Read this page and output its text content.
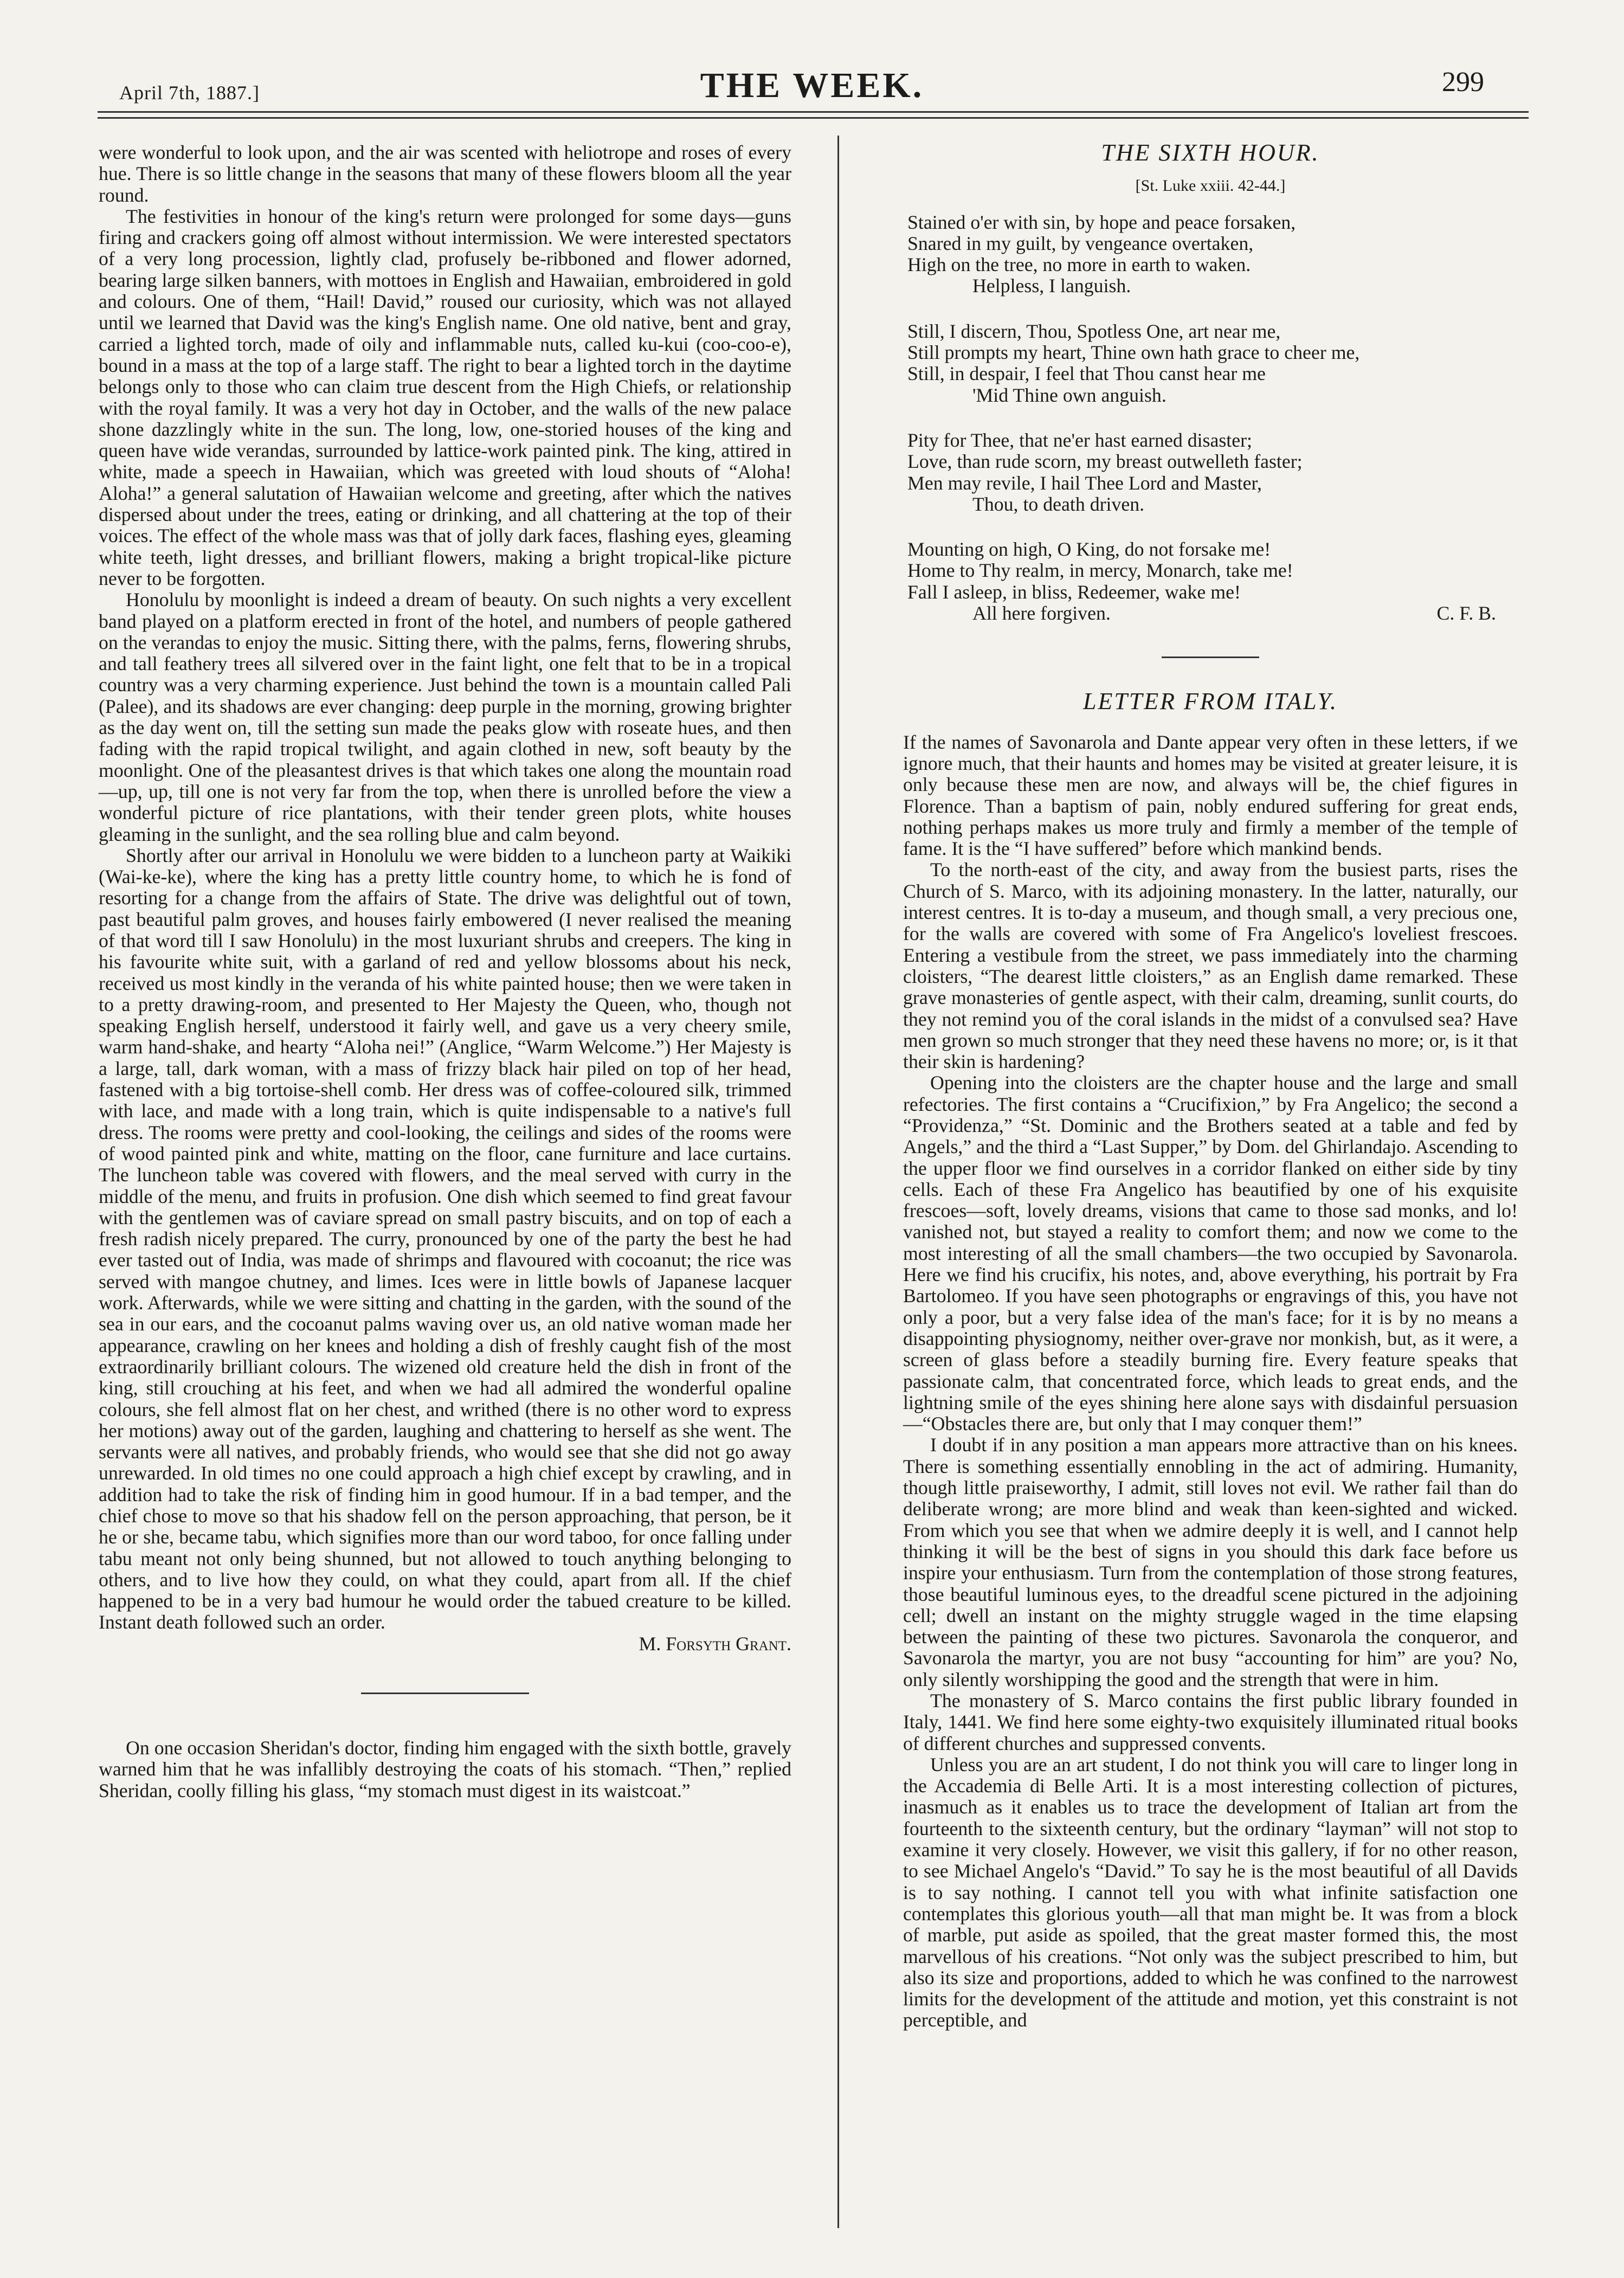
April 7th, 1887.]	THE WEEK.	299

were wonderful to look upon, and the air was scented with heliotrope and roses of every hue. There is so little change in the seasons that many of these flowers bloom all the year round.

The festivities in honour of the king's return were prolonged for some days—guns firing and crackers going off almost without intermission. We were interested spectators of a very long procession, lightly clad, profusely be-ribboned and flower adorned, bearing large silken banners, with mottoes in English and Hawaiian, embroidered in gold and colours. One of them, “Hail! David,” roused our curiosity, which was not allayed until we learned that David was the king's English name. One old native, bent and gray, carried a lighted torch, made of oily and inflammable nuts, called ku-kui (coo-coo-e), bound in a mass at the top of a large staff. The right to bear a lighted torch in the daytime belongs only to those who can claim true descent from the High Chiefs, or relationship with the royal family. It was a very hot day in October, and the walls of the new palace shone dazzlingly white in the sun. The long, low, one-storied houses of the king and queen have wide verandas, surrounded by lattice-work painted pink. The king, attired in white, made a speech in Hawaiian, which was greeted with loud shouts of “Aloha! Aloha!” a general salutation of Hawaiian welcome and greeting, after which the natives dispersed about under the trees, eating or drinking, and all chattering at the top of their voices. The effect of the whole mass was that of jolly dark faces, flashing eyes, gleaming white teeth, light dresses, and brilliant flowers, making a bright tropical-like picture never to be forgotten.

Honolulu by moonlight is indeed a dream of beauty. On such nights a very excellent band played on a platform erected in front of the hotel, and numbers of people gathered on the verandas to enjoy the music. Sitting there, with the palms, ferns, flowering shrubs, and tall feathery trees all silvered over in the faint light, one felt that to be in a tropical country was a very charming experience. Just behind the town is a mountain called Pali (Palee), and its shadows are ever changing: deep purple in the morning, growing brighter as the day went on, till the setting sun made the peaks glow with roseate hues, and then fading with the rapid tropical twilight, and again clothed in new, soft beauty by the moonlight. One of the pleasantest drives is that which takes one along the mountain road—up, up, till one is not very far from the top, when there is unrolled before the view a wonderful picture of rice plantations, with their tender green plots, white houses gleaming in the sunlight, and the sea rolling blue and calm beyond.

Shortly after our arrival in Honolulu we were bidden to a luncheon party at Waikiki (Wai-ke-ke), where the king has a pretty little country home, to which he is fond of resorting for a change from the affairs of State. The drive was delightful out of town, past beautiful palm groves, and houses fairly embowered (I never realised the meaning of that word till I saw Honolulu) in the most luxuriant shrubs and creepers. The king in his favourite white suit, with a garland of red and yellow blossoms about his neck, received us most kindly in the veranda of his white painted house; then we were taken in to a pretty drawing-room, and presented to Her Majesty the Queen, who, though not speaking English herself, understood it fairly well, and gave us a very cheery smile, warm hand-shake, and hearty “Aloha nei!” (Anglice, “Warm Welcome.”) Her Majesty is a large, tall, dark woman, with a mass of frizzy black hair piled on top of her head, fastened with a big tortoise-shell comb. Her dress was of coffee-coloured silk, trimmed with lace, and made with a long train, which is quite indispensable to a native's full dress. The rooms were pretty and cool-looking, the ceilings and sides of the rooms were of wood painted pink and white, matting on the floor, cane furniture and lace curtains. The luncheon table was covered with flowers, and the meal served with curry in the middle of the menu, and fruits in profusion. One dish which seemed to find great favour with the gentlemen was of caviare spread on small pastry biscuits, and on top of each a fresh radish nicely prepared. The curry, pronounced by one of the party the best he had ever tasted out of India, was made of shrimps and flavoured with cocoanut; the rice was served with mangoe chutney, and limes. Ices were in little bowls of Japanese lacquer work. Afterwards, while we were sitting and chatting in the garden, with the sound of the sea in our ears, and the cocoanut palms waving over us, an old native woman made her appearance, crawling on her knees and holding a dish of freshly caught fish of the most extraordinarily brilliant colours. The wizened old creature held the dish in front of the king, still crouching at his feet, and when we had all admired the wonderful opaline colours, she fell almost flat on her chest, and writhed (there is no other word to express her motions) away out of the garden, laughing and chattering to herself as she went. The servants were all natives, and probably friends, who would see that she did not go away unrewarded. In old times no one could approach a high chief except by crawling, and in addition had to take the risk of finding him in good humour. If in a bad temper, and the chief chose to move so that his shadow fell on the person approaching, that person, be it he or she, became tabu, which signifies more than our word taboo, for once falling under tabu meant not only being shunned, but not allowed to touch anything belonging to others, and to live how they could, on what they could, apart from all. If the chief happened to be in a very bad humour he would order the tabued creature to be killed. Instant death followed such an order.

M. Forsyth Grant.

On one occasion Sheridan's doctor, finding him engaged with the sixth bottle, gravely warned him that he was infallibly destroying the coats of his stomach. “Then,” replied Sheridan, coolly filling his glass, “my stomach must digest in its waistcoat.”

THE SIXTH HOUR.
[St. Luke xxiii. 42-44.]
Stained o'er with sin, by hope and peace forsaken,
Snared in my guilt, by vengeance overtaken,
High on the tree, no more in earth to waken.
Helpless, I languish.
Still, I discern, Thou, Spotless One, art near me,
Still prompts my heart, Thine own hath grace to cheer me,
Still, in despair, I feel that Thou canst hear me
'Mid Thine own anguish.
Pity for Thee, that ne'er hast earned disaster;
Love, than rude scorn, my breast outwelleth faster;
Men may revile, I hail Thee Lord and Master,
Thou, to death driven.
Mounting on high, O King, do not forsake me!
Home to Thy realm, in mercy, Monarch, take me!
Fall I asleep, in bliss, Redeemer, wake me!
All here forgiven.	C. F. B.
LETTER FROM ITALY.

If the names of Savonarola and Dante appear very often in these letters, if we ignore much, that their haunts and homes may be visited at greater leisure, it is only because these men are now, and always will be, the chief figures in Florence. Than a baptism of pain, nobly endured suffering for great ends, nothing perhaps makes us more truly and firmly a member of the temple of fame. It is the “I have suffered” before which mankind bends.

To the north-east of the city, and away from the busiest parts, rises the Church of S. Marco, with its adjoining monastery. In the latter, naturally, our interest centres. It is to-day a museum, and though small, a very precious one, for the walls are covered with some of Fra Angelico's loveliest frescoes. Entering a vestibule from the street, we pass immediately into the charming cloisters, “The dearest little cloisters,” as an English dame remarked. These grave monasteries of gentle aspect, with their calm, dreaming, sunlit courts, do they not remind you of the coral islands in the midst of a convulsed sea? Have men grown so much stronger that they need these havens no more; or, is it that their skin is hardening?

Opening into the cloisters are the chapter house and the large and small refectories. The first contains a “Crucifixion,” by Fra Angelico; the second a “Providenza,” “St. Dominic and the Brothers seated at a table and fed by Angels,” and the third a “Last Supper,” by Dom. del Ghirlandajo. Ascending to the upper floor we find ourselves in a corridor flanked on either side by tiny cells. Each of these Fra Angelico has beautified by one of his exquisite frescoes—soft, lovely dreams, visions that came to those sad monks, and lo! vanished not, but stayed a reality to comfort them; and now we come to the most interesting of all the small chambers—the two occupied by Savonarola. Here we find his crucifix, his notes, and, above everything, his portrait by Fra Bartolomeo. If you have seen photographs or engravings of this, you have not only a poor, but a very false idea of the man's face; for it is by no means a disappointing physiognomy, neither over-grave nor monkish, but, as it were, a screen of glass before a steadily burning fire. Every feature speaks that passionate calm, that concentrated force, which leads to great ends, and the lightning smile of the eyes shining here alone says with disdainful persuasion—“Obstacles there are, but only that I may conquer them!”

I doubt if in any position a man appears more attractive than on his knees. There is something essentially ennobling in the act of admiring. Humanity, though little praiseworthy, I admit, still loves not evil. We rather fail than do deliberate wrong; are more blind and weak than keen-sighted and wicked. From which you see that when we admire deeply it is well, and I cannot help thinking it will be the best of signs in you should this dark face before us inspire your enthusiasm. Turn from the contemplation of those strong features, those beautiful luminous eyes, to the dreadful scene pictured in the adjoining cell; dwell an instant on the mighty struggle waged in the time elapsing between the painting of these two pictures. Savonarola the conqueror, and Savonarola the martyr, you are not busy “accounting for him” are you? No, only silently worshipping the good and the strength that were in him.

The monastery of S. Marco contains the first public library founded in Italy, 1441. We find here some eighty-two exquisitely illuminated ritual books of different churches and suppressed convents.

Unless you are an art student, I do not think you will care to linger long in the Accademia di Belle Arti. It is a most interesting collection of pictures, inasmuch as it enables us to trace the development of Italian art from the fourteenth to the sixteenth century, but the ordinary “layman” will not stop to examine it very closely. However, we visit this gallery, if for no other reason, to see Michael Angelo's “David.” To say he is the most beautiful of all Davids is to say nothing. I cannot tell you with what infinite satisfaction one contemplates this glorious youth—all that man might be. It was from a block of marble, put aside as spoiled, that the great master formed this, the most marvellous of his creations. “Not only was the subject prescribed to him, but also its size and proportions, added to which he was confined to the narrowest limits for the development of the attitude and motion, yet this constraint is not perceptible, and
